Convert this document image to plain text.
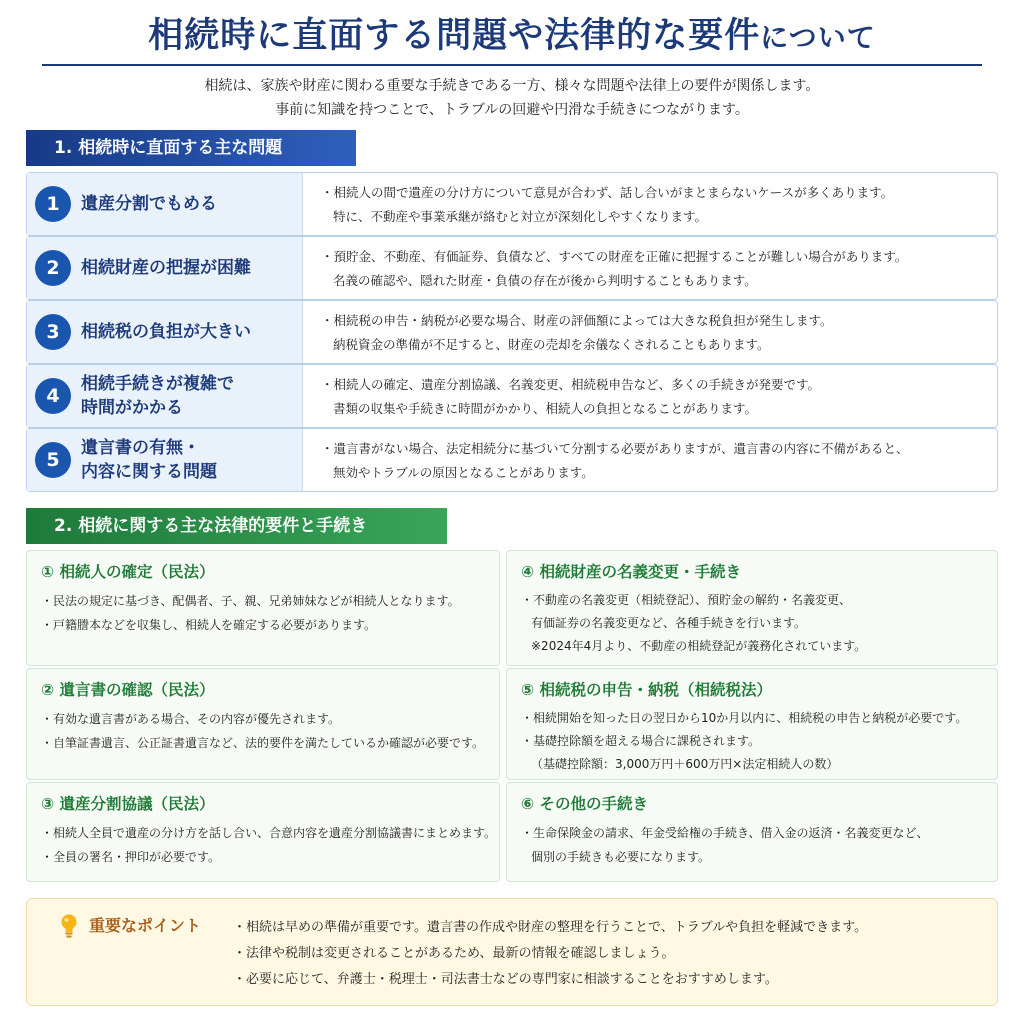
相続時に直面する問題や法律的な要件について
相続は、家族や財産に関わる重要な手続きである一方、様々な問題や法律上の要件が関係します。
事前に知識を持つことで、トラブルの回避や円滑な手続きにつながります。
1. 相続時に直面する主な問題
1	遺産分割でもめる
・相続人の間で遺産の分け方について意見が合わず、話し合いがまとまらないケースが多くあります。
特に、不動産や事業承継が絡むと対立が深刻化しやすくなります。
2	相続財産の把握が困難
・預貯金、不動産、有価証券、負債など、すべての財産を正確に把握することが難しい場合があります。
名義の確認や、隠れた財産・負債の存在が後から判明することもあります。
3	相続税の負担が大きい
・相続税の申告・納税が必要な場合、財産の評価額によっては大きな税負担が発生します。
納税資金の準備が不足すると、財産の売却を余儀なくされることもあります。
4
相続手続きが複雑で
時間がかかる
・相続人の確定、遺産分割協議、名義変更、相続税申告など、多くの手続きが発要です。
書類の収集や手続きに時間がかかり、相続人の負担となることがあります。
5
遺言書の有無・
内容に関する問題
・遺言書がない場合、法定相続分に基づいて分割する必要がありますが、遺言書の内容に不備があると、
無効やトラブルの原因となることがあります。
2. 相続に関する主な法律的要件と手続き
① 相続人の確定（民法）
・民法の規定に基づき、配偶者、子、親、兄弟姉妹などが相続人となります。
・戸籍謄本などを収集し、相続人を確定する必要があります。
④ 相続財産の名義変更・手続き
・不動産の名義変更（相続登記）、預貯金の解約・名義変更、
有価証券の名義変更など、各種手続きを行います。
※2024年4月より、不動産の相続登記が義務化されています。
② 遺言書の確認（民法）
・有効な遺言書がある場合、その内容が優先されます。
・自筆証書遺言、公正証書遺言など、法的要件を満たしているか確認が必要です。
⑤ 相続税の申告・納税（相続税法）
・相続開始を知った日の翌日から10か月以内に、相続税の申告と納税が必要です。
・基礎控除額を超える場合に課税されます。
（基礎控除額：3,000万円＋600万円×法定相続人の数）
③ 遺産分割協議（民法）
・相続人全員で遺産の分け方を話し合い、合意内容を遺産分割協議書にまとめます。
・全員の署名・押印が必要です。
⑥ その他の手続き
・生命保険金の請求、年金受給権の手続き、借入金の返済・名義変更など、
個別の手続きも必要になります。
重要なポイント ・相続は早めの準備が重要です。遺言書の作成や財産の整理を行うことで、トラブルや負担を軽減できます。
・法律や税制は変更されることがあるため、最新の情報を確認しましょう。
・必要に応じて、弁護士・税理士・司法書士などの専門家に相談することをおすすめします。
